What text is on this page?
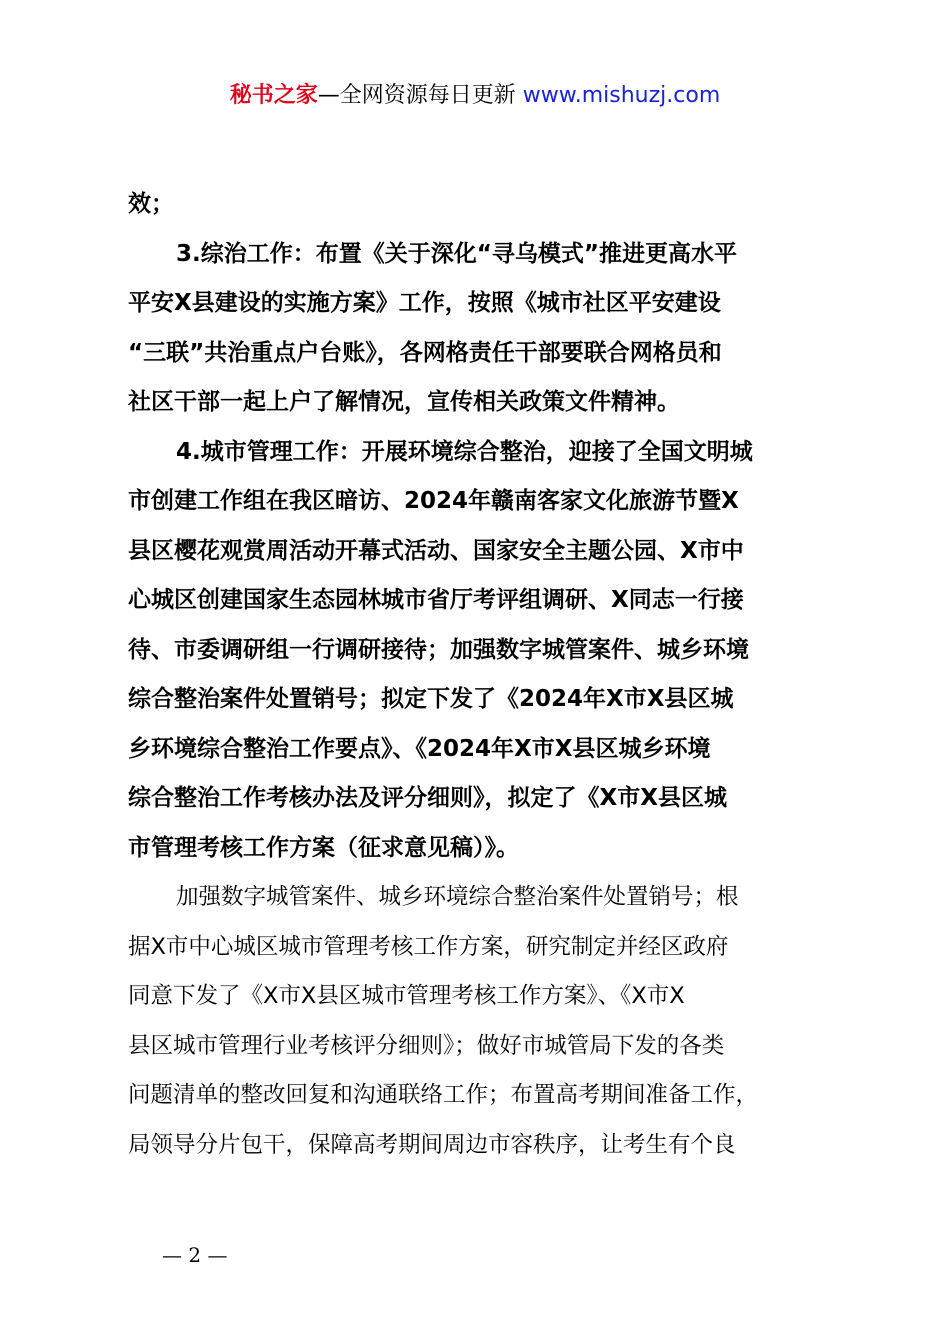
秘书之家—全网资源每日更新 www.mishuzj.com
效；
3.综治工作：布置《关于深化“寻乌模式”推进更高水平
平安X县建设的实施方案》工作，按照《城市社区平安建设
“三联”共治重点户台账》，各网格责任干部要联合网格员和
社区干部一起上户了解情况，宣传相关政策文件精神。
4.城市管理工作：开展环境综合整治，迎接了全国文明城
市创建工作组在我区暗访、2024年赣南客家文化旅游节暨X
县区樱花观赏周活动开幕式活动、国家安全主题公园、X市中
心城区创建国家生态园林城市省厅考评组调研、X同志一行接
待、市委调研组一行调研接待；加强数字城管案件、城乡环境
综合整治案件处置销号；拟定下发了《2024年X市X县区城
乡环境综合整治工作要点》、《2024年X市X县区城乡环境
综合整治工作考核办法及评分细则》，拟定了《X市X县区城
市管理考核工作方案（征求意见稿）》。
加强数字城管案件、城乡环境综合整治案件处置销号；根
据X市中心城区城市管理考核工作方案，研究制定并经区政府
同意下发了《X市X县区城市管理考核工作方案》、《X市X
县区城市管理行业考核评分细则》；做好市城管局下发的各类
问题清单的整改回复和沟通联络工作；布置高考期间准备工作，
局领导分片包干，保障高考期间周边市容秩序，让考生有个良
— 2 —
